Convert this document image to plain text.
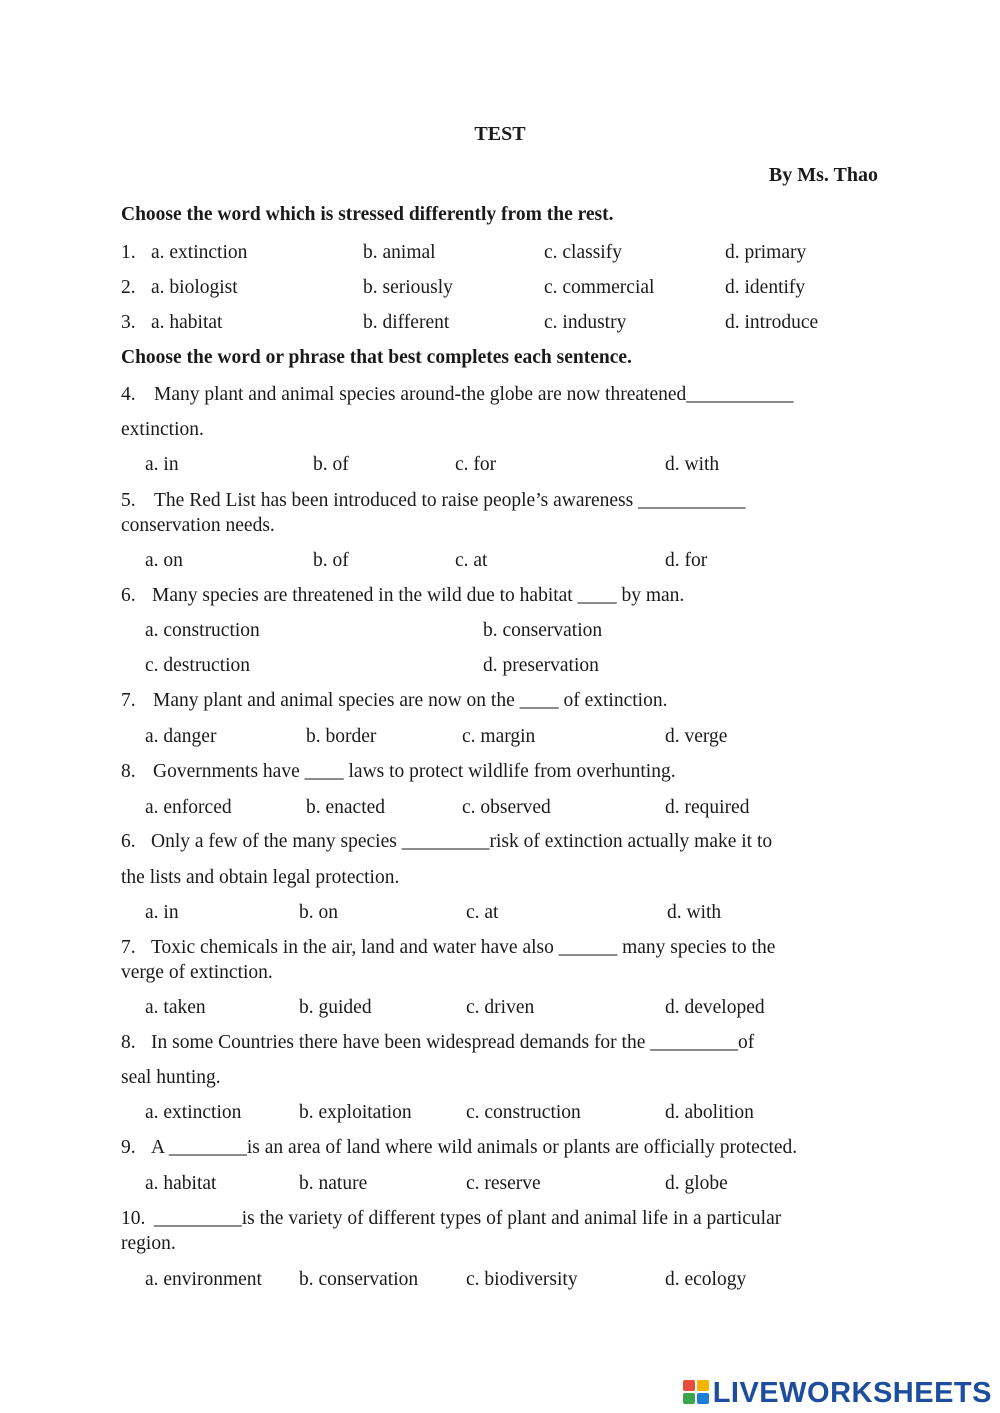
TEST
By Ms. Thao
Choose the word which is stressed differently from the rest.
1. a. extinction	b. animal	c. classify	d. primary
2. a. biologist	b. seriously	c. commercial	d. identify
3. a. habitat	b. different	c. industry	d. introduce
Choose the word or phrase that best completes each sentence.
4. Many plant and animal species around-the globe are now threatened___________
extinction.
a. in	b. of	c. for	d. with
5. The Red List has been introduced to raise people’s awareness ___________
conservation needs.
a. on	b. of	c. at	d. for
6. Many species are threatened in the wild due to habitat ____ by man.
a. construction	b. conservation
c. destruction	d. preservation
7. Many plant and animal species are now on the ____ of extinction.
a. danger	b. border	c. margin	d. verge
8. Governments have ____ laws to protect wildlife from overhunting.
a. enforced	b. enacted	c. observed	d. required
6. Only a few of the many species _________risk of extinction actually make it to
the lists and obtain legal protection.
a. in	b. on	c. at	d. with
7. Toxic chemicals in the air, land and water have also ______ many species to the
verge of extinction.
a. taken	b. guided	c. driven	d. developed
8. In some Countries there have been widespread demands for the _________of
seal hunting.
a. extinction	b. exploitation	c. construction	d. abolition
9. A ________is an area of land where wild animals or plants are officially protected.
a. habitat	b. nature	c. reserve	d. globe
10. _________is the variety of different types of plant and animal life in a particular
region.
a. environment b. conservation c. biodiversity	d. ecology
LIVEWORKSHEETS
